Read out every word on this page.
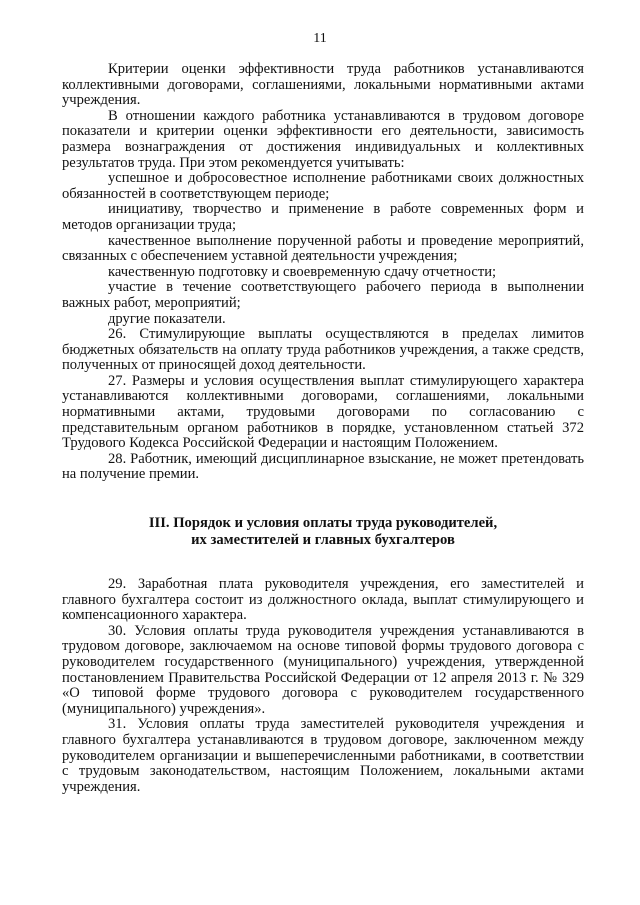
11

Критерии оценки эффективности труда работников устанавливаются коллективными договорами, соглашениями, локальными нормативными актами учреждения.

В отношении каждого работника устанавливаются в трудовом договоре показатели и критерии оценки эффективности его деятельности, зависимость размера вознаграждения от достижения индивидуальных и коллективных результатов труда. При этом рекомендуется учитывать:

успешное и добросовестное исполнение работниками своих должностных обязанностей в соответствующем периоде;

инициативу, творчество и применение в работе современных форм и методов организации труда;

качественное выполнение порученной работы и проведение мероприятий, связанных с обеспечением уставной деятельности учреждения;

качественную подготовку и своевременную сдачу отчетности;

участие в течение соответствующего рабочего периода в выполнении важных работ, мероприятий;

другие показатели.

26. Стимулирующие выплаты осуществляются в пределах лимитов бюджетных обязательств на оплату труда работников учреждения, а также средств, полученных от приносящей доход деятельности.

27. Размеры и условия осуществления выплат стимулирующего характера устанавливаются коллективными договорами, соглашениями, локальными нормативными актами, трудовыми договорами по согласованию с представительным органом работников в порядке, установленном статьей 372 Трудового Кодекса Российской Федерации и настоящим Положением.

28. Работник, имеющий дисциплинарное взыскание, не может претендовать на получение премии.

III. Порядок и условия оплаты труда руководителей,
их заместителей и главных бухгалтеров

29. Заработная плата руководителя учреждения, его заместителей и главного бухгалтера состоит из должностного оклада, выплат стимулирующего и компенсационного характера.

30. Условия оплаты труда руководителя учреждения устанавливаются в трудовом договоре, заключаемом на основе типовой формы трудового договора с руководителем государственного (муниципального) учреждения, утвержденной постановлением Правительства Российской Федерации от 12 апреля 2013 г. № 329 «О типовой форме трудового договора с руководителем государственного (муниципального) учреждения».

31. Условия оплаты труда заместителей руководителя учреждения и главного бухгалтера устанавливаются в трудовом договоре, заключенном между руководителем организации и вышеперечисленными работниками, в соответствии с трудовым законодательством, настоящим Положением, локальными актами учреждения.
